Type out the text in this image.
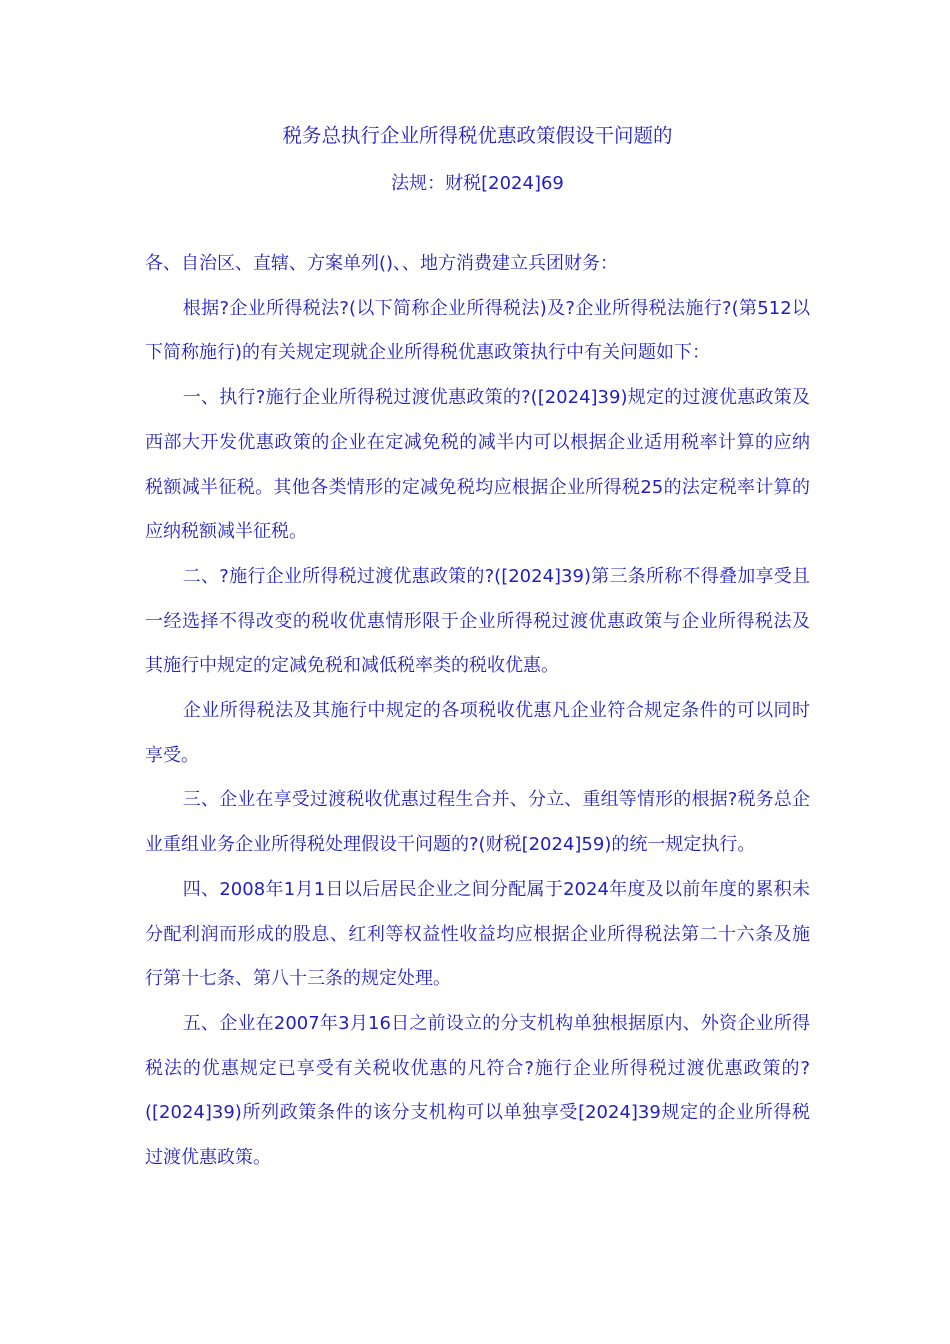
税务总执行企业所得税优惠政策假设干问题的

法规：财税[2024]69

各、自治区、直辖、方案单列()、、地方消费建立兵团财务：

根据?企业所得税法?(以下简称企业所得税法)及?企业所得税法施行?(第512以下简称施行)的有关规定现就企业所得税优惠政策执行中有关问题如下：

一、执行?施行企业所得税过渡优惠政策的?([2024]39)规定的过渡优惠政策及西部大开发优惠政策的企业在定减免税的减半内可以根据企业适用税率计算的应纳税额减半征税。其他各类情形的定减免税均应根据企业所得税25的法定税率计算的应纳税额减半征税。

二、?施行企业所得税过渡优惠政策的?([2024]39)第三条所称不得叠加享受且一经选择不得改变的税收优惠情形限于企业所得税过渡优惠政策与企业所得税法及其施行中规定的定减免税和减低税率类的税收优惠。

企业所得税法及其施行中规定的各项税收优惠凡企业符合规定条件的可以同时享受。

三、企业在享受过渡税收优惠过程生合并、分立、重组等情形的根据?税务总企业重组业务企业所得税处理假设干问题的?(财税[2024]59)的统一规定执行。

四、2008年1月1日以后居民企业之间分配属于2024年度及以前年度的累积未分配利润而形成的股息、红利等权益性收益均应根据企业所得税法第二十六条及施行第十七条、第八十三条的规定处理。

五、企业在2007年3月16日之前设立的分支机构单独根据原内、外资企业所得税法的优惠规定已享受有关税收优惠的凡符合?施行企业所得税过渡优惠政策的?([2024]39)所列政策条件的该分支机构可以单独享受[2024]39规定的企业所得税过渡优惠政策。
